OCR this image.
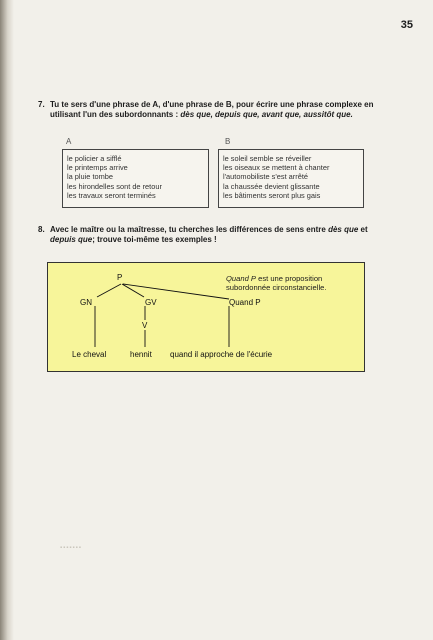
35
7. Tu te sers d'une phrase de A, d'une phrase de B, pour écrire une phrase complexe en utilisant l'un des subordonnants : dès que, depuis que, avant que, aussitôt que.
A	B
le policier a sifflé
le printemps arrive
la pluie tombe
les hirondelles sont de retour
les travaux seront terminés
le soleil semble se réveiller
les oiseaux se mettent à chanter
l'automobiliste s'est arrêté
la chaussée devient glissante
les bâtiments seront plus gais
8. Avec le maître ou la maîtresse, tu cherches les différences de sens entre dès que et depuis que; trouve toi-même tes exemples !
P
GN	GV	Quand P
V
Le cheval	hennit quand il approche de l'écurie
Quand P est une proposition subordonnée circonstancielle.
▪▪▪▪▪▪▪
